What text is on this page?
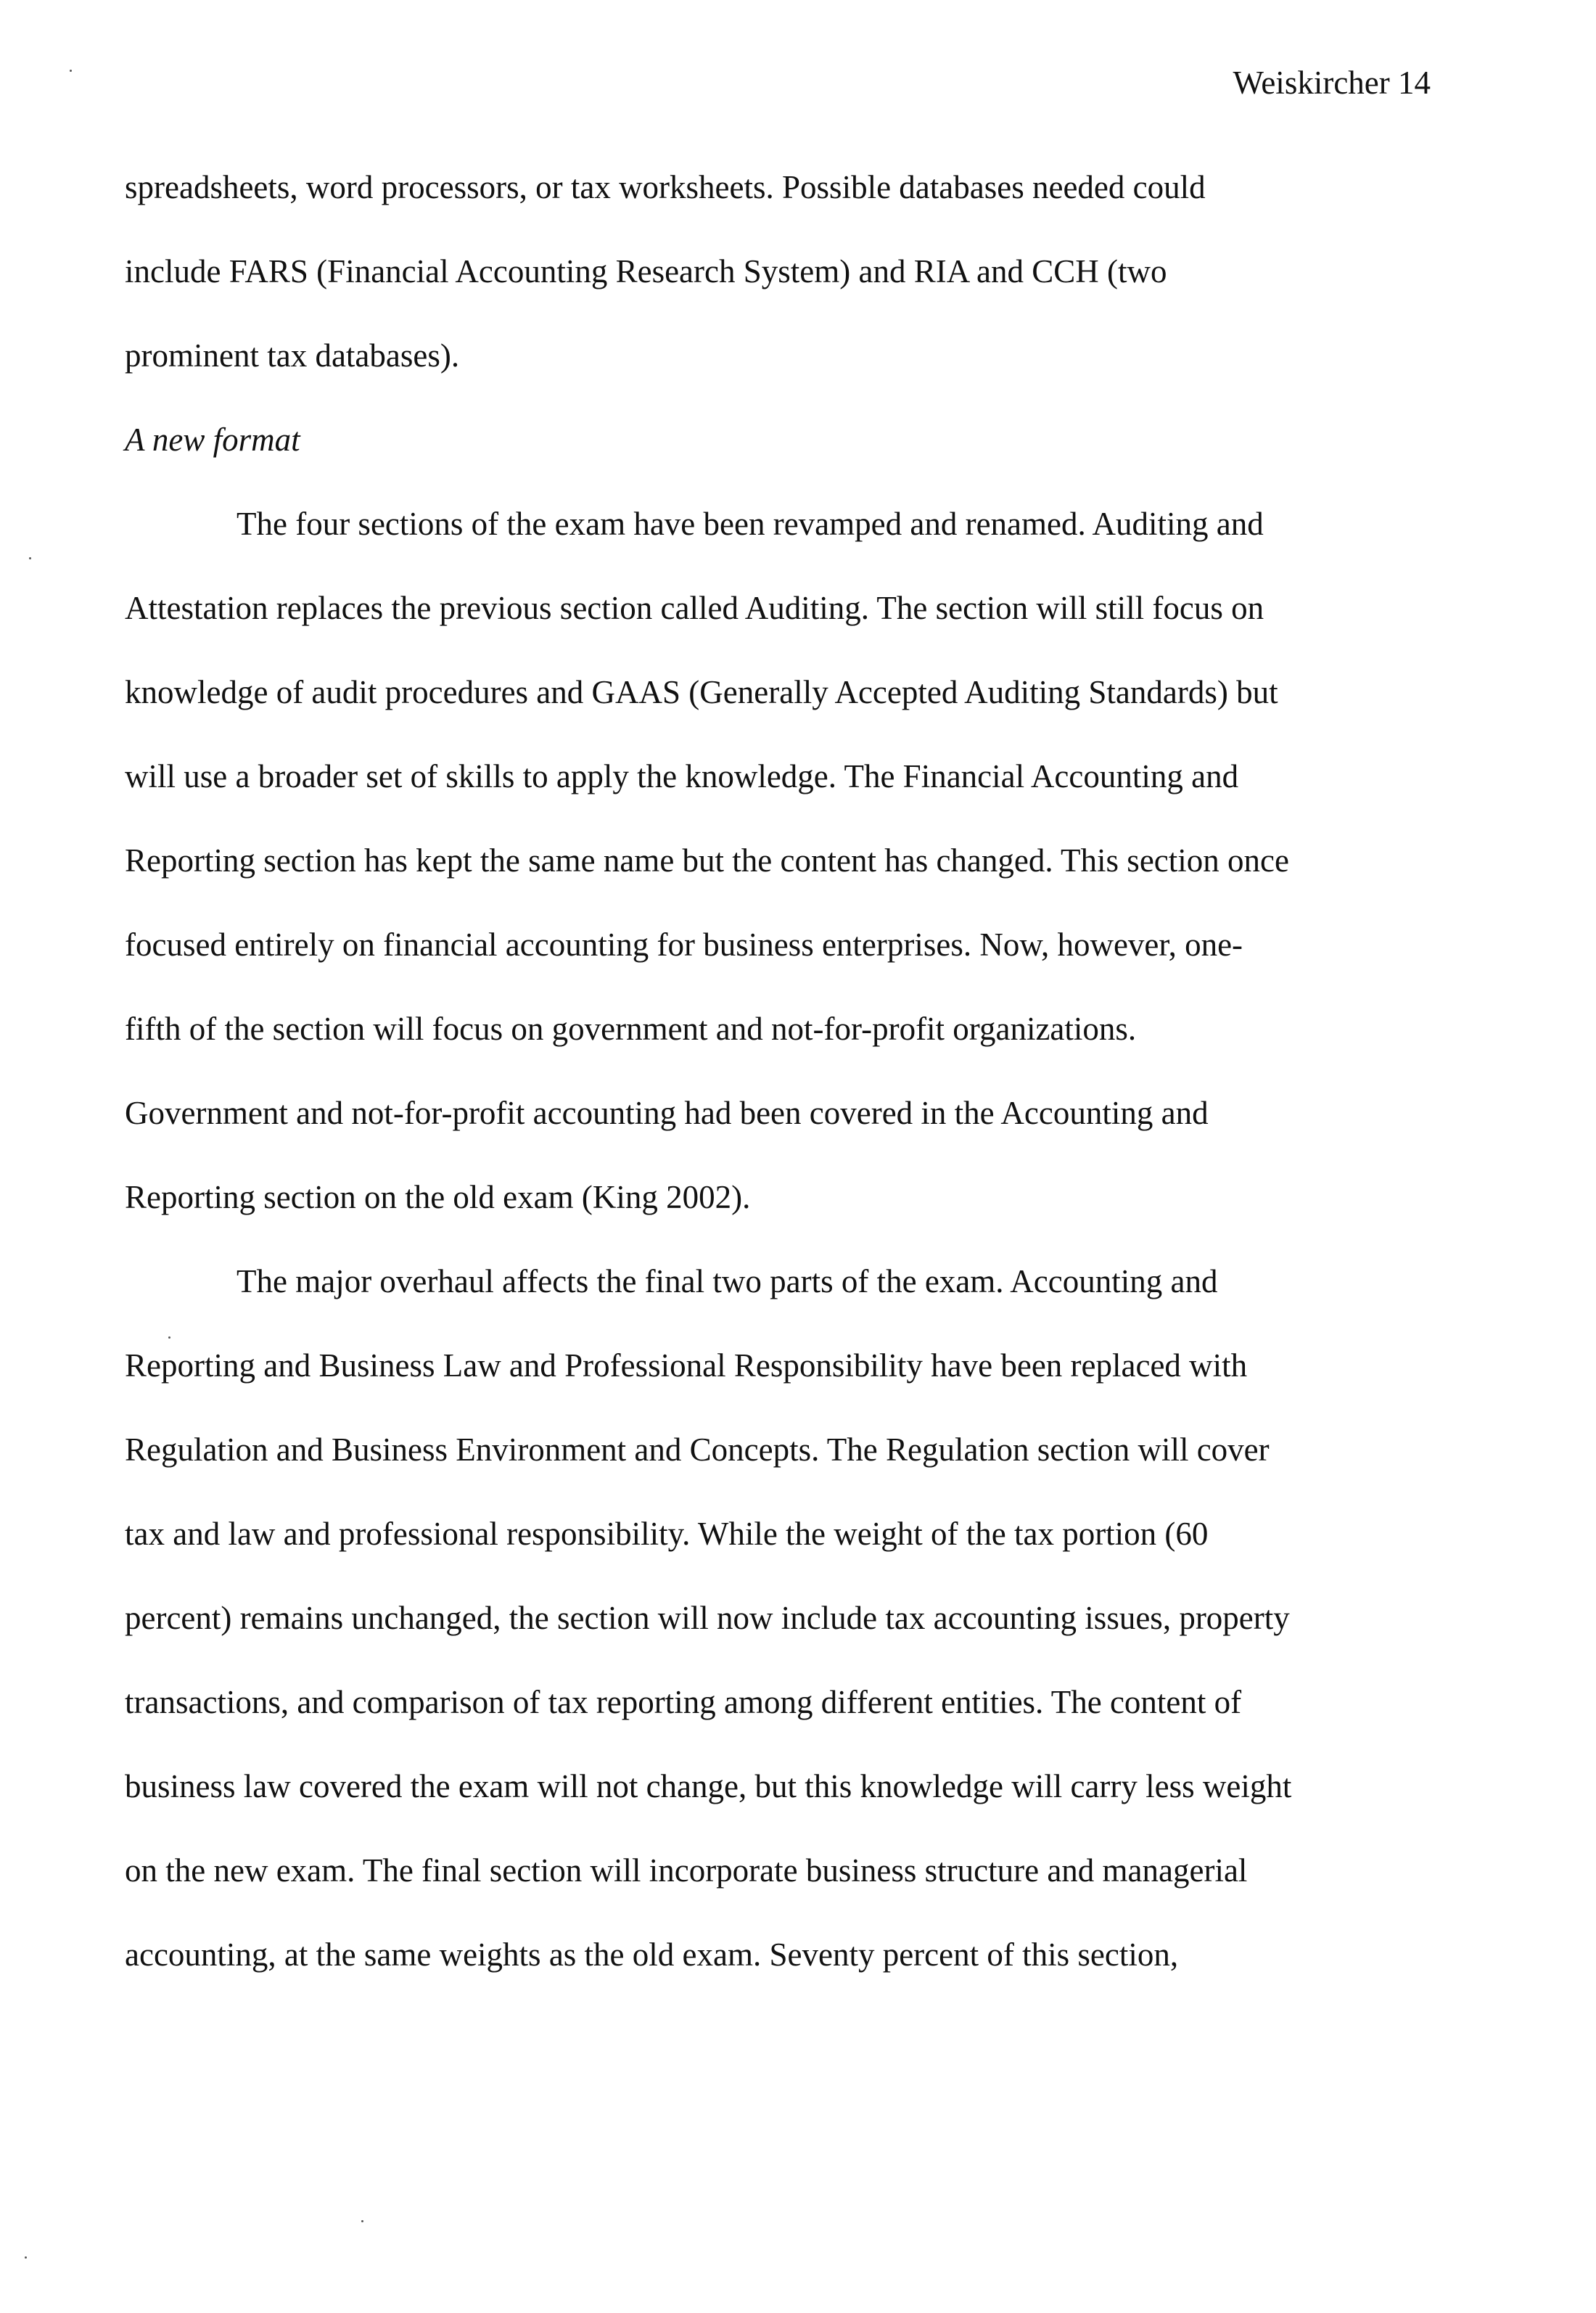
Weiskircher 14
spreadsheets, word processors, or tax worksheets. Possible databases needed could
include FARS (Financial Accounting Research System) and RIA and CCH (two
prominent tax databases).
A new format
The four sections of the exam have been revamped and renamed. Auditing and
Attestation replaces the previous section called Auditing. The section will still focus on
knowledge of audit procedures and GAAS (Generally Accepted Auditing Standards) but
will use a broader set of skills to apply the knowledge. The Financial Accounting and
Reporting section has kept the same name but the content has changed. This section once
focused entirely on financial accounting for business enterprises. Now, however, one-
fifth of the section will focus on government and not-for-profit organizations.
Government and not-for-profit accounting had been covered in the Accounting and
Reporting section on the old exam (King 2002).
The major overhaul affects the final two parts of the exam. Accounting and
Reporting and Business Law and Professional Responsibility have been replaced with
Regulation and Business Environment and Concepts. The Regulation section will cover
tax and law and professional responsibility. While the weight of the tax portion (60
percent) remains unchanged, the section will now include tax accounting issues, property
transactions, and comparison of tax reporting among different entities. The content of
business law covered the exam will not change, but this knowledge will carry less weight
on the new exam. The final section will incorporate business structure and managerial
accounting, at the same weights as the old exam. Seventy percent of this section,
